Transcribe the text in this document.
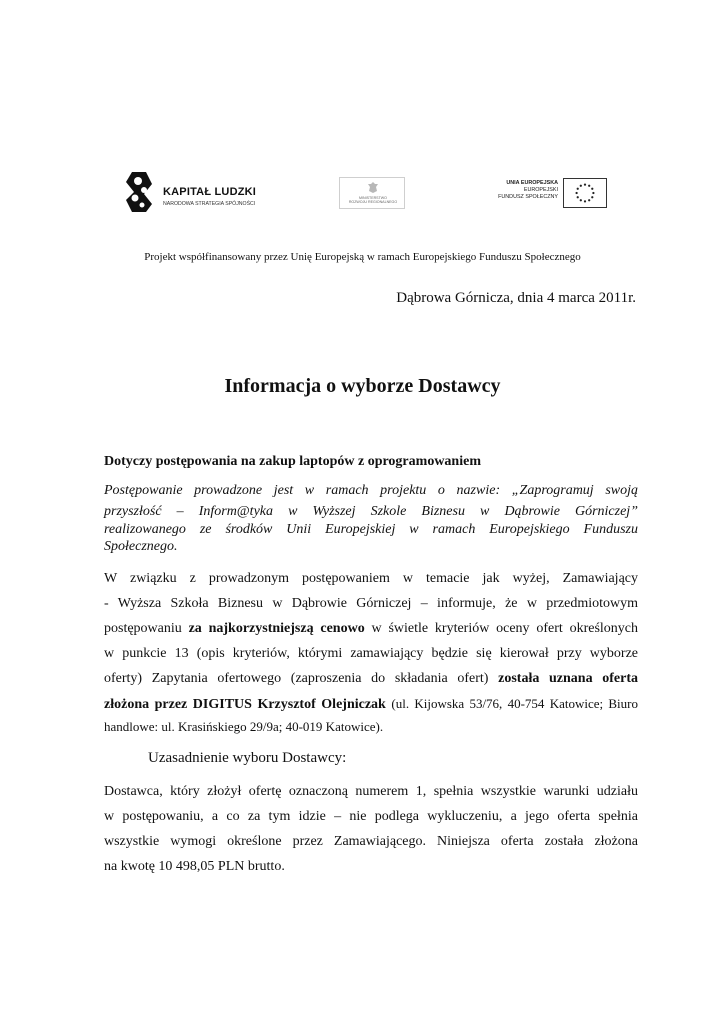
KAPITAŁ LUDZKI
NARODOWA STRATEGIA SPÓJNOŚCI
MINISTERSTWO
ROZWOJU REGIONALNEGO
UNIA EUROPEJSKA
EUROPEJSKI
FUNDUSZ SPOŁECZNY
Projekt współfinansowany przez Unię Europejską w ramach Europejskiego Funduszu Społecznego
Dąbrowa Górnicza, dnia 4 marca 2011r.
Informacja o wyborze Dostawcy
Dotyczy postępowania na zakup laptopów z oprogramowaniem
Postępowanie prowadzone jest w ramach projektu o nazwie: „Zaprogramuj swoją
przyszłość – Inform@tyka w Wyższej Szkole Biznesu w Dąbrowie Górniczej”
realizowanego ze środków Unii Europejskiej w ramach Europejskiego Funduszu
Społecznego.
W związku z prowadzonym postępowaniem w temacie jak wyżej, Zamawiający
- Wyższa Szkoła Biznesu w Dąbrowie Górniczej – informuje, że w przedmiotowym
postępowaniu za najkorzystniejszą cenowo w świetle kryteriów oceny ofert określonych
w punkcie 13 (opis kryteriów, którymi zamawiający będzie się kierował przy wyborze
oferty) Zapytania ofertowego (zaproszenia do składania ofert) została uznana oferta
złożona przez DIGITUS Krzysztof Olejniczak (ul. Kijowska 53/76, 40-754 Katowice; Biuro
handlowe: ul. Krasińskiego 29/9a; 40-019 Katowice).
Uzasadnienie wyboru Dostawcy:
Dostawca, który złożył ofertę oznaczoną numerem 1, spełnia wszystkie warunki udziału
w postępowaniu, a co za tym idzie – nie podlega wykluczeniu, a jego oferta spełnia
wszystkie wymogi określone przez Zamawiającego. Niniejsza oferta została złożona
na kwotę 10 498,05 PLN brutto.
